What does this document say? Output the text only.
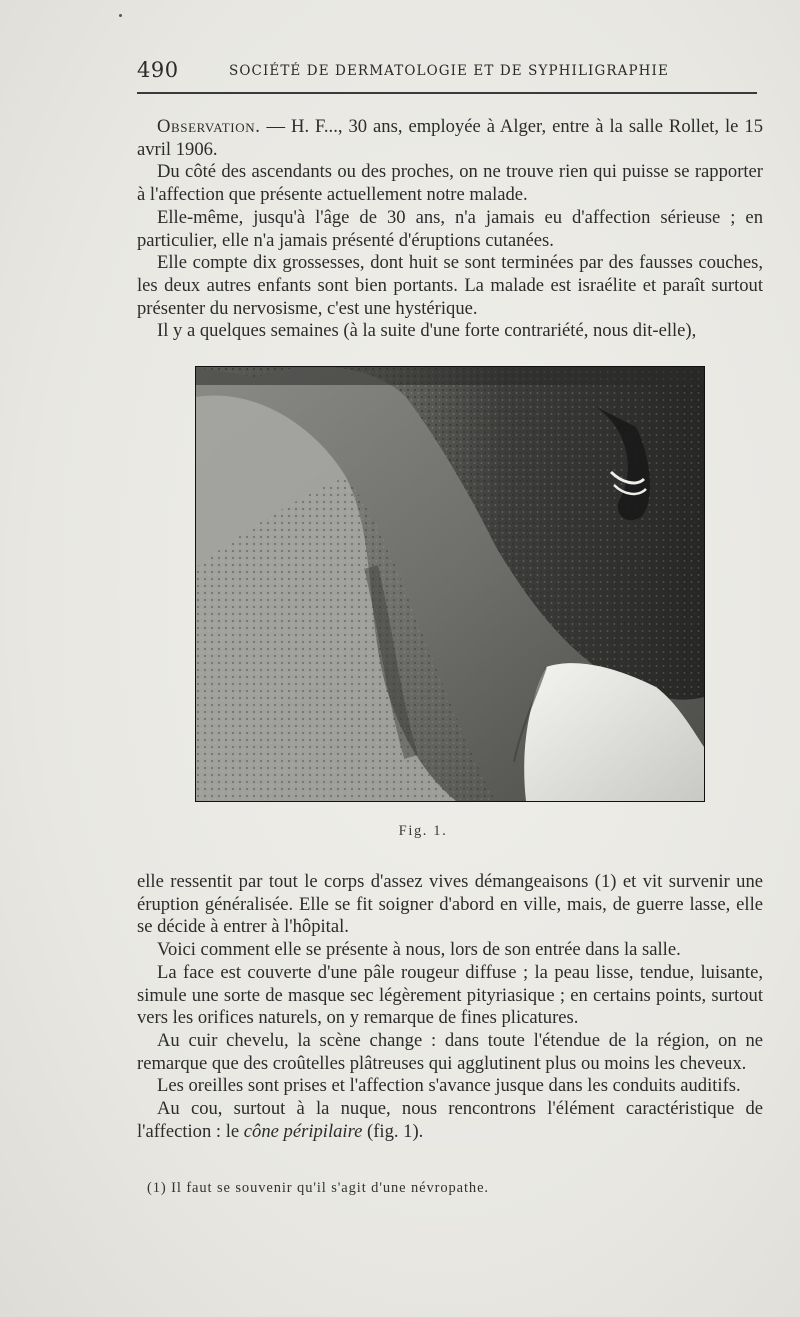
490	SOCIÉTÉ DE DERMATOLOGIE ET DE SYPHILIGRAPHIE

Observation. — H. F..., 30 ans, employée à Alger, entre à la salle Rollet, le 15 avril 1906.

Du côté des ascendants ou des proches, on ne trouve rien qui puisse se rapporter à l'affection que présente actuellement notre malade.

Elle-même, jusqu'à l'âge de 30 ans, n'a jamais eu d'affection sérieuse ; en particulier, elle n'a jamais présenté d'éruptions cutanées.

Elle compte dix grossesses, dont huit se sont terminées par des fausses couches, les deux autres enfants sont bien portants. La malade est israélite et paraît surtout présenter du nervosisme, c'est une hystérique.

Il y a quelques semaines (à la suite d'une forte contrariété, nous dit-elle),

Fig. 1.

elle ressentit par tout le corps d'assez vives démangeaisons (1) et vit survenir une éruption généralisée. Elle se fit soigner d'abord en ville, mais, de guerre lasse, elle se décide à entrer à l'hôpital.

Voici comment elle se présente à nous, lors de son entrée dans la salle.

La face est couverte d'une pâle rougeur diffuse ; la peau lisse, tendue, luisante, simule une sorte de masque sec légèrement pityriasique ; en certains points, surtout vers les orifices naturels, on y remarque de fines plicatures.

Au cuir chevelu, la scène change : dans toute l'étendue de la région, on ne remarque que des croûtelles plâtreuses qui agglutinent plus ou moins les cheveux.

Les oreilles sont prises et l'affection s'avance jusque dans les conduits auditifs.

Au cou, surtout à la nuque, nous rencontrons l'élément caractéristique de l'affection : le cône péripilaire (fig. 1).

(1) Il faut se souvenir qu'il s'agit d'une névropathe.
